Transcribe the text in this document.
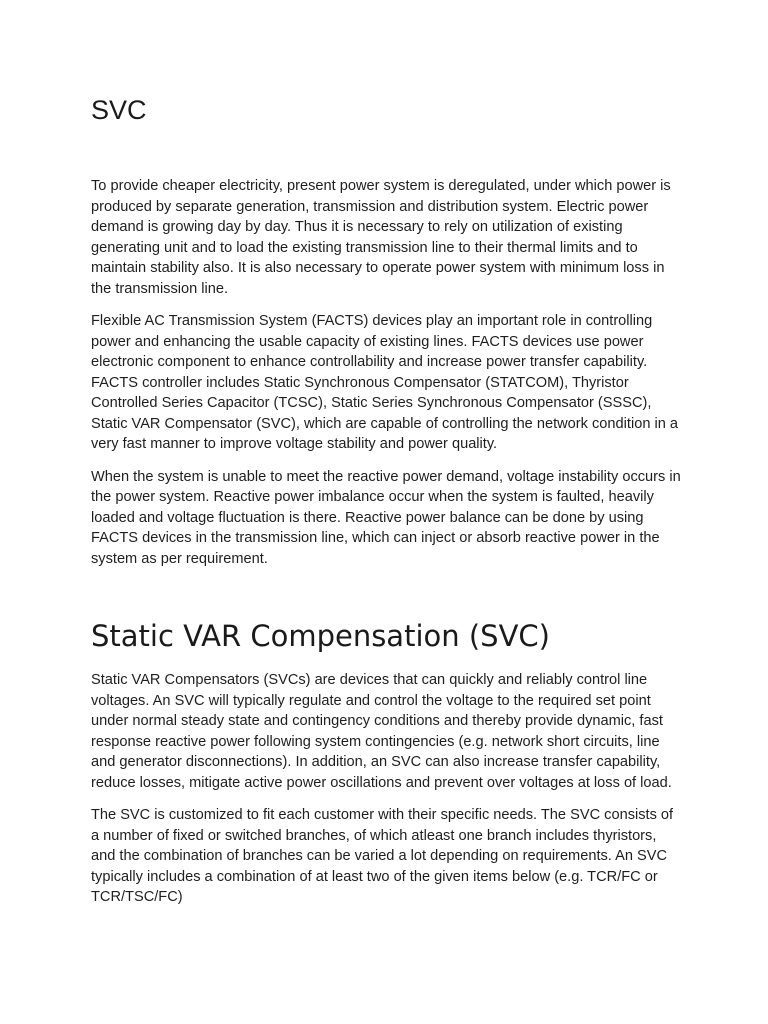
SVC

To provide cheaper electricity, present power system is deregulated, under which power is produced by separate generation, transmission and distribution system. Electric power demand is growing day by day. Thus it is necessary to rely on utilization of existing generating unit and to load the existing transmission line to their thermal limits and to maintain stability also. It is also necessary to operate power system with minimum loss in the transmission line.

Flexible AC Transmission System (FACTS) devices play an important role in controlling power and enhancing the usable capacity of existing lines. FACTS devices use power electronic component to enhance controllability and increase power transfer capability. FACTS controller includes Static Synchronous Compensator (STATCOM), Thyristor Controlled Series Capacitor (TCSC), Static Series Synchronous Compensator (SSSC), Static VAR Compensator (SVC), which are capable of controlling the network condition in a very fast manner to improve voltage stability and power quality.

When the system is unable to meet the reactive power demand, voltage instability occurs in the power system. Reactive power imbalance occur when the system is faulted, heavily loaded and voltage fluctuation is there. Reactive power balance can be done by using FACTS devices in the transmission line, which can inject or absorb reactive power in the system as per requirement.

Static VAR Compensation (SVC)

Static VAR Compensators (SVCs) are devices that can quickly and reliably control line voltages. An SVC will typically regulate and control the voltage to the required set point under normal steady state and contingency conditions and thereby provide dynamic, fast response reactive power following system contingencies (e.g. network short circuits, line and generator disconnections). In addition, an SVC can also increase transfer capability, reduce losses, mitigate active power oscillations and prevent over voltages at loss of load.

The SVC is customized to fit each customer with their specific needs. The SVC consists of a number of fixed or switched branches, of which atleast one branch includes thyristors, and the combination of branches can be varied a lot depending on requirements. An SVC typically includes a combination of at least two of the given items below (e.g. TCR/FC or TCR/TSC/FC)
